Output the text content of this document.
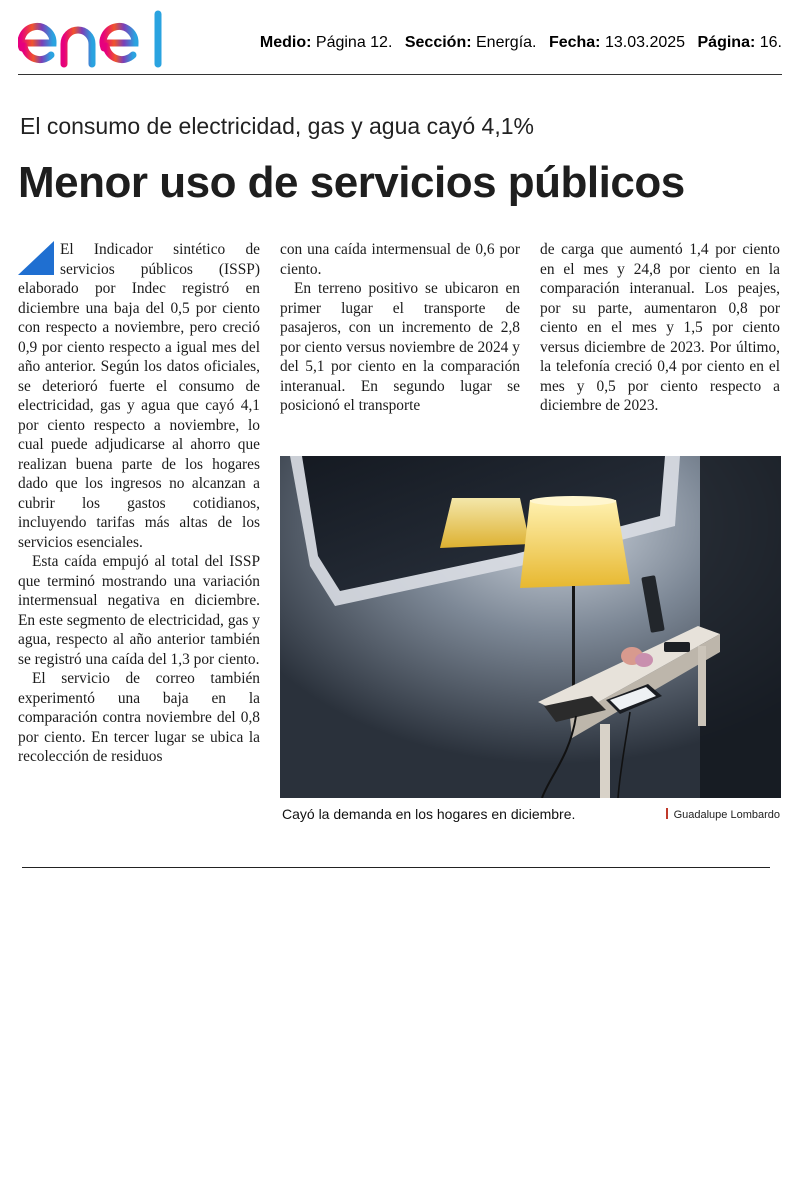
enel
Medio: Página 12. Sección: Energía. Fecha: 13.03.2025 Página: 16.
El consumo de electricidad, gas y agua cayó 4,1%
Menor uso de servicios públicos

El Indicador sintético de servicios públicos (ISSP) elaborado por Indec registró en diciembre una baja del 0,5 por ciento con respecto a noviembre, pero creció 0,9 por ciento respecto a igual mes del año anterior. Según los datos oficiales, se deterioró fuerte el consumo de electricidad, gas y agua que cayó 4,1 por ciento respecto a noviembre, lo cual puede adjudicarse al ahorro que realizan buena parte de los hogares dado que los ingresos no alcanzan a cubrir los gastos cotidianos, incluyendo tarifas más altas de los servicios esenciales.

Esta caída empujó al total del ISSP que terminó mostrando una variación intermensual negativa en diciembre. En este segmento de electricidad, gas y agua, respecto al año anterior también se registró una caída del 1,3 por ciento.

El servicio de correo también experimentó una baja en la comparación contra noviembre del 0,8 por ciento. En tercer lugar se ubica la recolección de residuos

con una caída intermensual de 0,6 por ciento.

En terreno positivo se ubicaron en primer lugar el transporte de pasajeros, con un incremento de 2,8 por ciento versus noviembre de 2024 y del 5,1 por ciento en la comparación interanual. En segundo lugar se posicionó el transporte

de carga que aumentó 1,4 por ciento en el mes y 24,8 por ciento en la comparación interanual. Los peajes, por su parte, aumentaron 0,8 por ciento en el mes y 1,5 por ciento versus diciembre de 2023. Por último, la telefonía creció 0,4 por ciento en el mes y 0,5 por ciento respecto a diciembre de 2023.

Cayó la demanda en los hogares en diciembre.	Guadalupe Lombardo
